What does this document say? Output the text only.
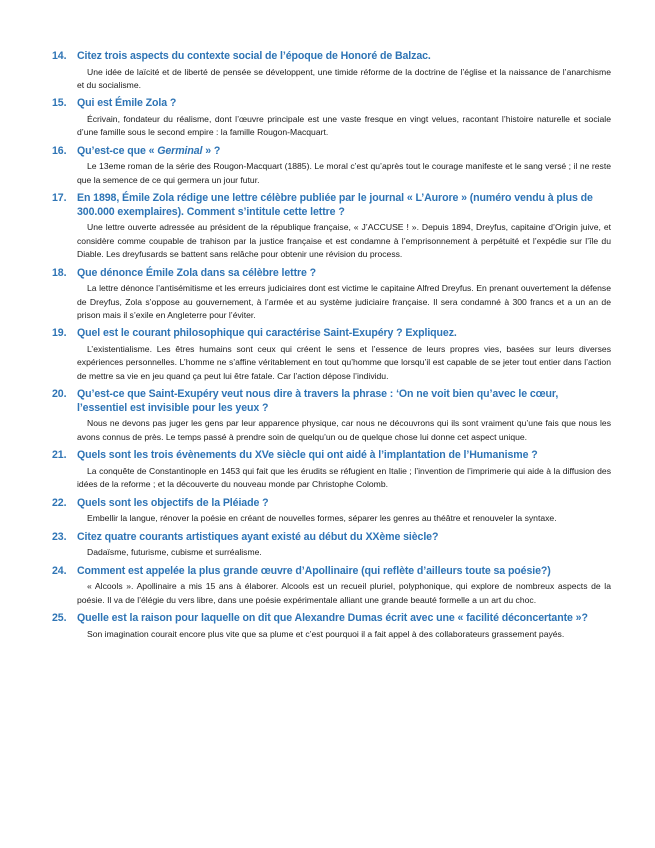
14. Citez trois aspects du contexte social de l’époque de Honoré de Balzac.

Une idée de laïcité et de liberté de pensée se développent, une timide réforme de la doctrine de l’église et la naissance de l’anarchisme et du socialisme.

15. Qui est Émile Zola ?

Écrivain, fondateur du réalisme, dont l’œuvre principale est une vaste fresque en vingt velues, racontant l’histoire naturelle et sociale d’une famille sous le second empire : la famille Rougon-Macquart.

16. Qu’est-ce que « Germinal » ?

Le 13eme roman de la série des Rougon-Macquart (1885). Le moral c’est qu’après tout le courage manifeste et le sang versé ; il ne reste que la semence de ce qui germera un jour futur.

17. En 1898, Émile Zola rédige une lettre célèbre publiée par le journal « L’Aurore » (numéro vendu à plus de 300.000 exemplaires). Comment s’intitule cette lettre ?

Une lettre ouverte adressée au président de la république française, « J’ACCUSE ! ». Depuis 1894, Dreyfus, capitaine d’Origin juive, et considère comme coupable de trahison par la justice française et est condamne à l’emprisonnement à perpétuité et l’expédie sur l’île du Diable. Les dreyfusards se battent sans relâche pour obtenir une révision du process.

18. Que dénonce Émile Zola dans sa célèbre lettre ?

La lettre dénonce l’antisémitisme et les erreurs judiciaires dont est victime le capitaine Alfred Dreyfus. En prenant ouvertement la défense de Dreyfus, Zola s’oppose au gouvernement, à l’armée et au système judiciaire française. Il sera condamné à 300 francs et a un an de prison mais il s’exile en Angleterre pour l’éviter.

19. Quel est le courant philosophique qui caractérise Saint-Exupéry ? Expliquez.

L’existentialisme. Les êtres humains sont ceux qui créent le sens et l’essence de leurs propres vies, basées sur leurs diverses expériences personnelles. L’homme ne s’affine véritablement en tout qu’homme que lorsqu’il est capable de se jeter tout entier dans l’action de mettre sa vie en jeu quand ça peut lui être fatale. Car l’action dépose l’individu.

20. Qu’est-ce que Saint-Exupéry veut nous dire à travers la phrase : ‘On ne voit bien qu’avec le cœur, l’essentiel est invisible pour les yeux ?

Nous ne devons pas juger les gens par leur apparence physique, car nous ne découvrons qui ils sont vraiment qu’une fais que nous les avons connus de près. Le temps passé à prendre soin de quelqu’un ou de quelque chose lui donne cet aspect unique.

21. Quels sont les trois évènements du XVe siècle qui ont aidé à l’implantation de l’Humanisme ?

La conquête de Constantinople en 1453 qui fait que les érudits se réfugient en Italie ; l’invention de l’imprimerie qui aide à la diffusion des idées de la reforme ; et la découverte du nouveau monde par Christophe Colomb.

22. Quels sont les objectifs de la Pléiade ?

Embellir la langue, rénover la poésie en créant de nouvelles formes, séparer les genres au théâtre et renouveler la syntaxe.

23. Citez quatre courants artistiques ayant existé au début du XXème siècle?

Dadaïsme, futurisme, cubisme et surréalisme.

24. Comment est appelée la plus grande œuvre d’Apollinaire (qui reflète d’ailleurs toute sa poésie?)

« Alcools ». Apollinaire a mis 15 ans à élaborer. Alcools est un recueil pluriel, polyphonique, qui explore de nombreux aspects de la poésie. Il va de l’élégie du vers libre, dans une poésie expérimentale alliant une grande beauté formelle a un art du choc.

25. Quelle est la raison pour laquelle on dit que Alexandre Dumas écrit avec une « facilité déconcertante »?

Son imagination courait encore plus vite que sa plume et c’est pourquoi il a fait appel à des collaborateurs grassement payés.
